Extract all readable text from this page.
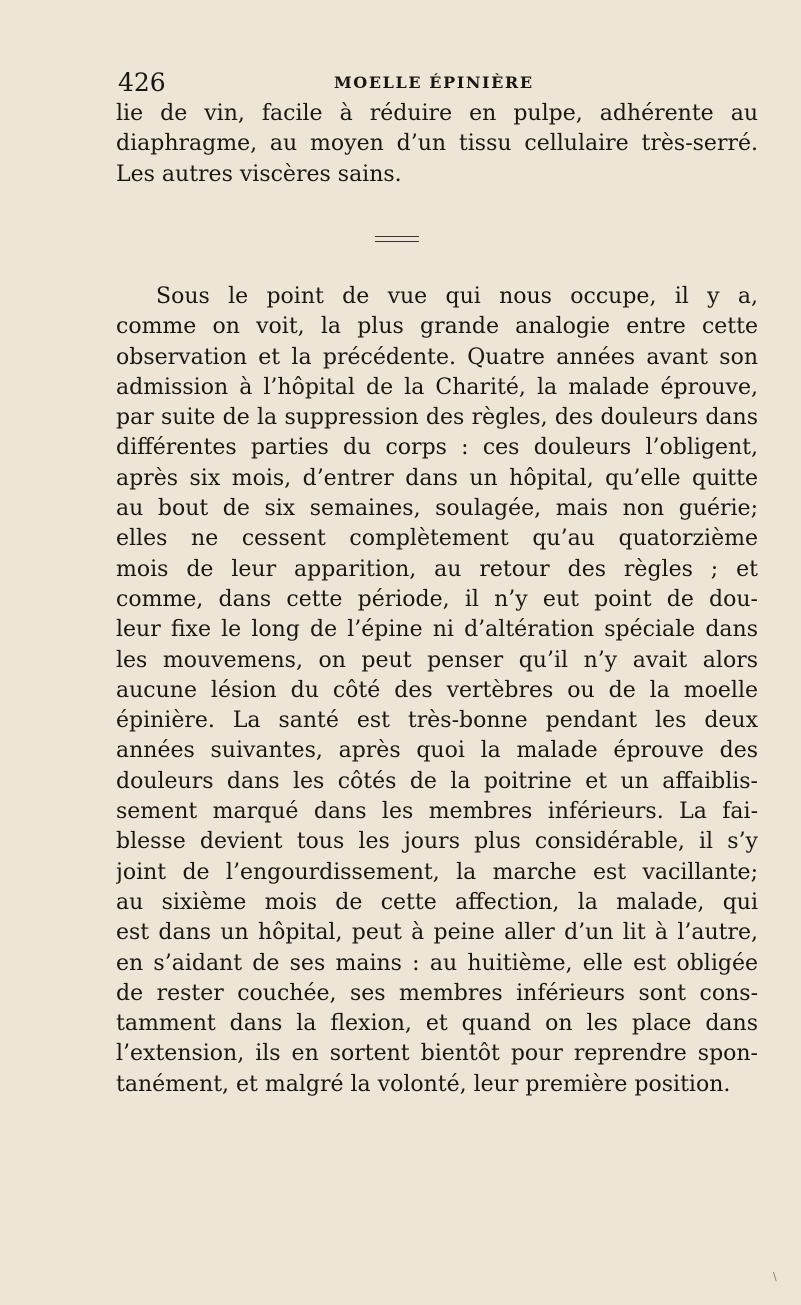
426	MOELLE ÉPINIÈRE
lie de vin, facile à réduire en pulpe, adhérente au
diaphragme, au moyen d’un tissu cellulaire très-serré.
Les autres viscères sains.
Sous le point de vue qui nous occupe, il y a,
comme on voit, la plus grande analogie entre cette
observation et la précédente. Quatre années avant son
admission à l’hôpital de la Charité, la malade éprouve,
par suite de la suppression des règles, des douleurs dans
différentes parties du corps : ces douleurs l’obligent,
après six mois, d’entrer dans un hôpital, qu’elle quitte
au bout de six semaines, soulagée, mais non guérie;
elles ne cessent complètement qu’au quatorzième
mois de leur apparition, au retour des règles ; et
comme, dans cette période, il n’y eut point de dou-
leur fixe le long de l’épine ni d’altération spéciale dans
les mouvemens, on peut penser qu’il n’y avait alors
aucune lésion du côté des vertèbres ou de la moelle
épinière. La santé est très-bonne pendant les deux
années suivantes, après quoi la malade éprouve des
douleurs dans les côtés de la poitrine et un affaiblis-
sement marqué dans les membres inférieurs. La fai-
blesse devient tous les jours plus considérable, il s’y
joint de l’engourdissement, la marche est vacillante;
au sixième mois de cette affection, la malade, qui
est dans un hôpital, peut à peine aller d’un lit à l’autre,
en s’aidant de ses mains : au huitième, elle est obligée
de rester couchée, ses membres inférieurs sont cons-
tamment dans la flexion, et quand on les place dans
l’extension, ils en sortent bientôt pour reprendre spon-
tanément, et malgré la volonté, leur première position.
\
